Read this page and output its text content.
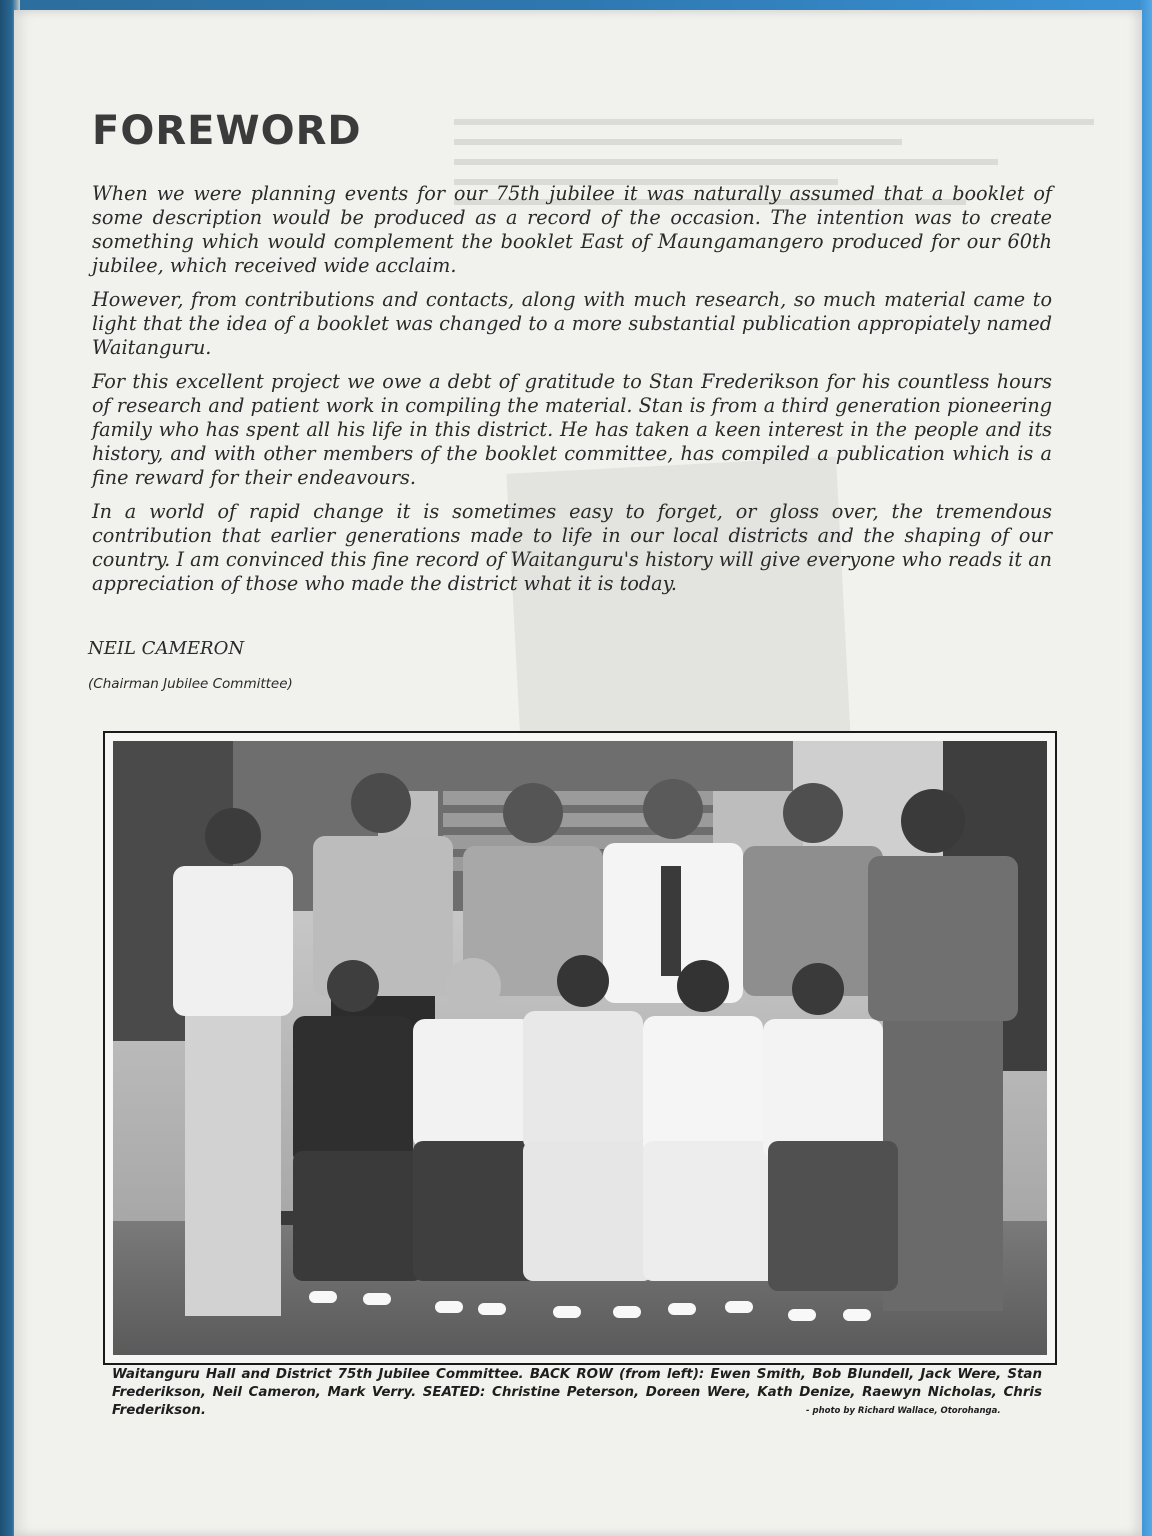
FOREWORD

When we were planning events for our 75th jubilee it was naturally assumed that a booklet of some description would be produced as a record of the occasion. The intention was to create something which would complement the booklet East of Maungamangero produced for our 60th jubilee, which received wide acclaim.

However, from contributions and contacts, along with much research, so much material came to light that the idea of a booklet was changed to a more substantial publication appropiately named Waitanguru.

For this excellent project we owe a debt of gratitude to Stan Frederikson for his countless hours of research and patient work in compiling the material. Stan is from a third generation pioneering family who has spent all his life in this district. He has taken a keen interest in the people and its history, and with other members of the booklet committee, has compiled a publication which is a fine reward for their endeavours.

In a world of rapid change it is sometimes easy to forget, or gloss over, the tremendous contribution that earlier generations made to life in our local districts and the shaping of our country. I am convinced this fine record of Waitanguru's history will give everyone who reads it an appreciation of those who made the district what it is today.

NEIL CAMERON
(Chairman Jubilee Committee)
Waitanguru Hall and District 75th Jubilee Committee. BACK ROW (from left): Ewen Smith, Bob Blundell, Jack Were, Stan Frederikson, Neil Cameron, Mark Verry. SEATED: Christine Peterson, Doreen Were, Kath Denize, Raewyn Nicholas, Chris Frederikson.	- photo by Richard Wallace, Otorohanga.
